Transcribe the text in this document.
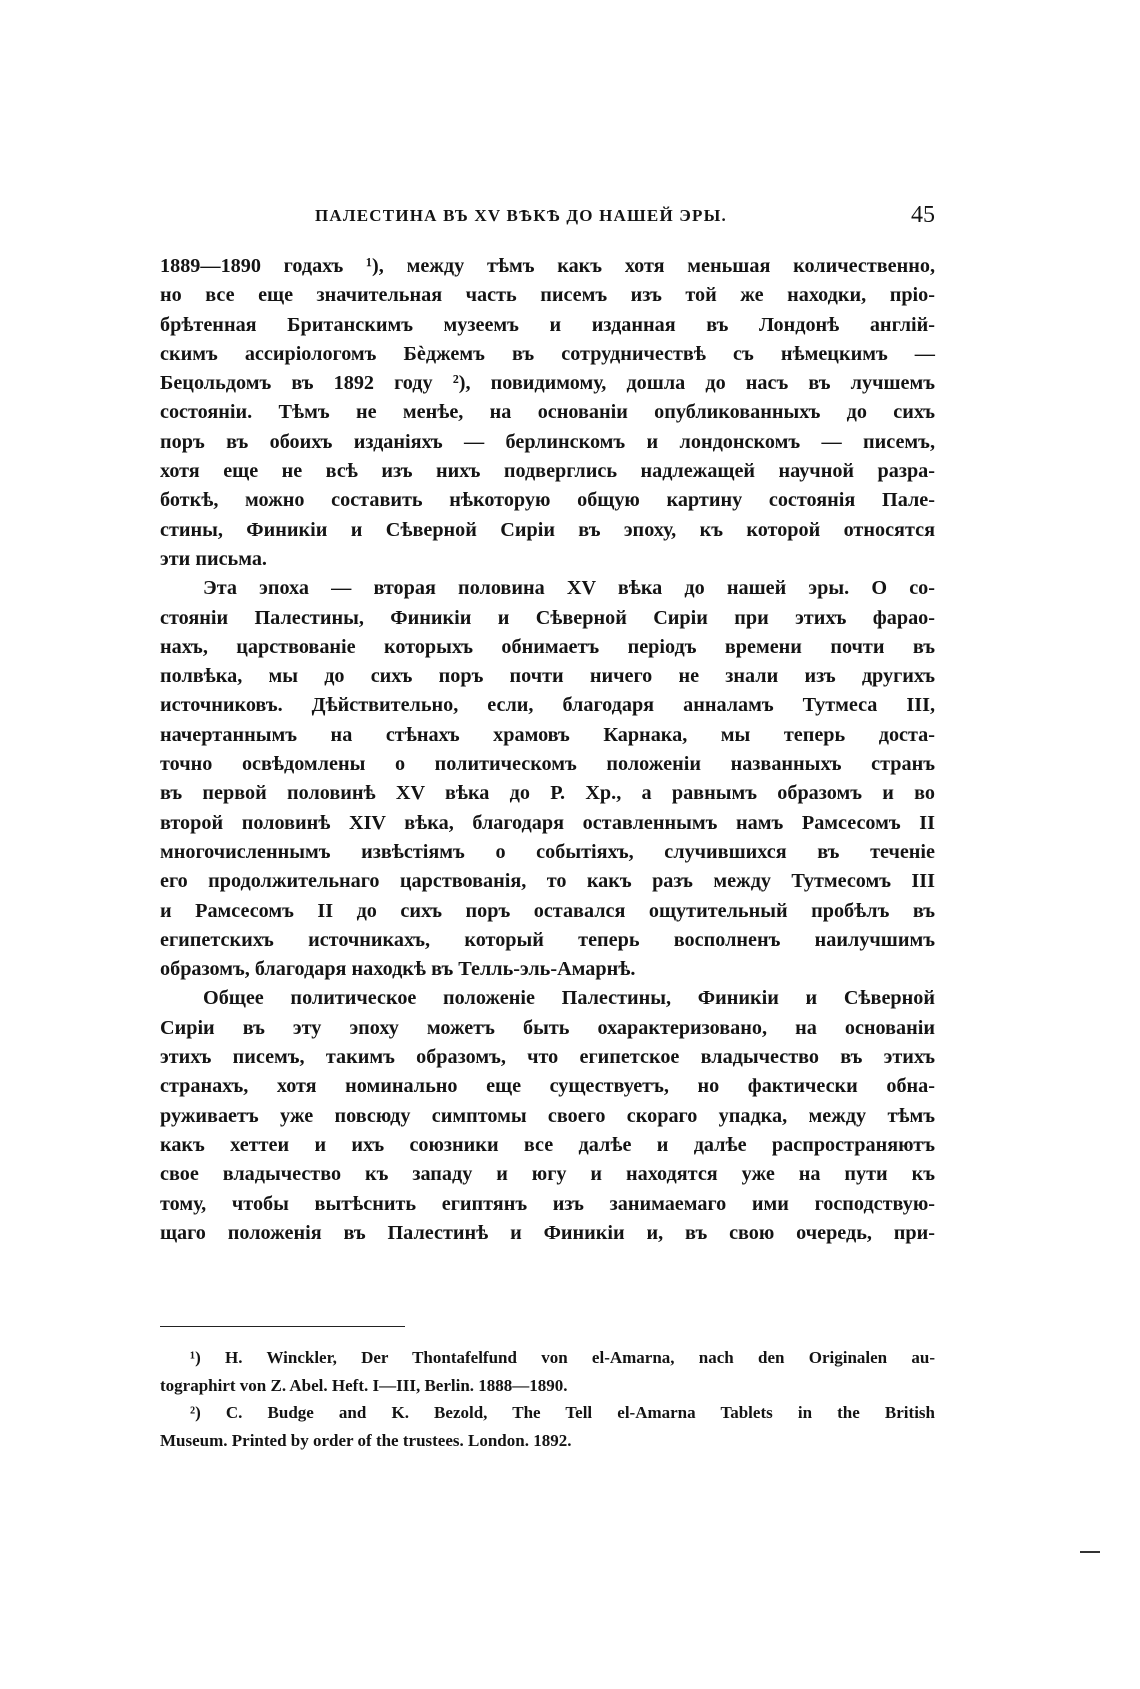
ПАЛЕСТИНА ВЪ XV ВѢКѢ ДО НАШЕЙ ЭРЫ.	45
1889—1890 годахъ ¹), между тѣмъ какъ хотя меньшая количественно,
но все еще значительная часть писемъ изъ той же находки, пріо-
брѣтенная Британскимъ музеемъ и изданная въ Лондонѣ англій-
скимъ ассиріологомъ Бѐджемъ въ сотрудничествѣ съ нѣмецкимъ —
Бецольдомъ въ 1892 году ²), повидимому, дошла до насъ въ лучшемъ
состояніи. Тѣмъ не менѣе, на основаніи опубликованныхъ до сихъ
поръ въ обоихъ изданіяхъ — берлинскомъ и лондонскомъ — писемъ,
хотя еще не всѣ изъ нихъ подверглись надлежащей научной разра-
боткѣ, можно составить нѣкоторую общую картину состоянія Пале-
стины, Финикіи и Сѣверной Сиріи въ эпоху, къ которой относятся
эти письма.
Эта эпоха — вторая половина XV вѣка до нашей эры. О со-
стояніи Палестины, Финикіи и Сѣверной Сиріи при этихъ фарао-
нахъ, царствованіе которыхъ обнимаетъ періодъ времени почти въ
полвѣка, мы до сихъ поръ почти ничего не знали изъ другихъ
источниковъ. Дѣйствительно, если, благодаря анналамъ Тутмеса III,
начертаннымъ на стѣнахъ храмовъ Карнака, мы теперь доста-
точно освѣдомлены о политическомъ положеніи названныхъ странъ
въ первой половинѣ XV вѣка до Р. Хр., а равнымъ образомъ и во
второй половинѣ XIV вѣка, благодаря оставленнымъ намъ Рамсесомъ II
многочисленнымъ извѣстіямъ о событіяхъ, случившихся въ теченіе
его продолжительнаго царствованія, то какъ разъ между Тутмесомъ III
и Рамсесомъ II до сихъ поръ оставался ощутительный пробѣлъ въ
египетскихъ источникахъ, который теперь восполненъ наилучшимъ
образомъ, благодаря находкѣ въ Телль-эль-Амарнѣ.
Общее политическое положеніе Палестины, Финикіи и Сѣверной
Сиріи въ эту эпоху можетъ быть охарактеризовано, на основаніи
этихъ писемъ, такимъ образомъ, что египетское владычество въ этихъ
странахъ, хотя номинально еще существуетъ, но фактически обна-
руживаетъ уже повсюду симптомы своего скораго упадка, между тѣмъ
какъ хеттеи и ихъ союзники все далѣе и далѣе распространяютъ
свое владычество къ западу и югу и находятся уже на пути къ
тому, чтобы вытѣснить египтянъ изъ занимаемаго ими господствую-
щаго положенія въ Палестинѣ и Финикіи и, въ свою очередь, при-
¹) H. Winckler, Der Thontafelfund von el-Amarna, nach den Originalen au-
tographirt von Z. Abel. Heft. I—III, Berlin. 1888—1890.
²) C. Budge and K. Bezold, The Tell el-Amarna Tablets in the British
Museum. Printed by order of the trustees. London. 1892.
